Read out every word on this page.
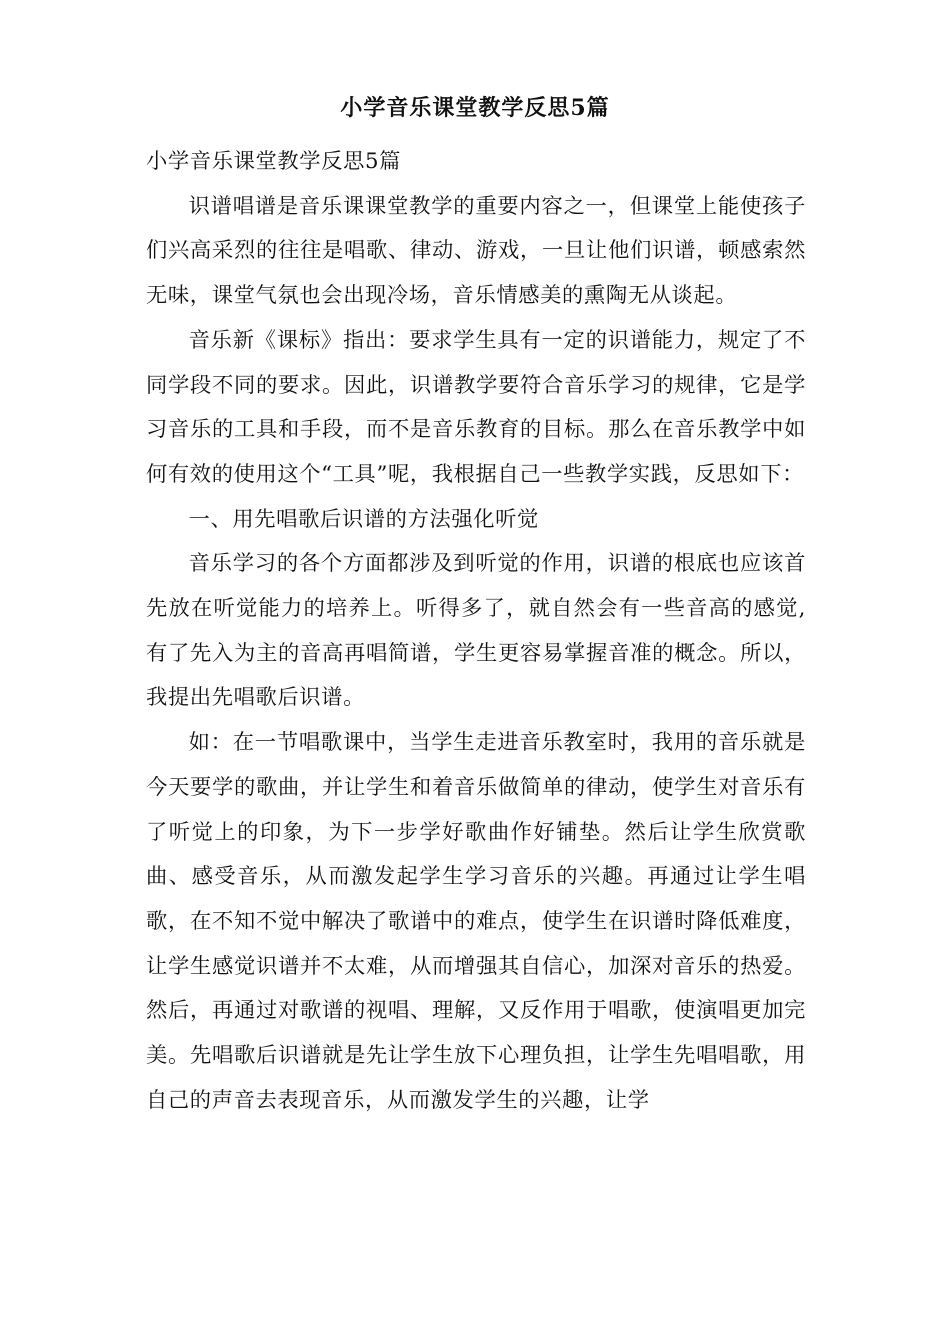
小学音乐课堂教学反思5篇

小学音乐课堂教学反思5篇

识谱唱谱是音乐课课堂教学的重要内容之一，但课堂上能使孩子们兴高采烈的往往是唱歌、律动、游戏，一旦让他们识谱，顿感索然无味，课堂气氛也会出现冷场，音乐情感美的熏陶无从谈起。

音乐新《课标》指出：要求学生具有一定的识谱能力，规定了不同学段不同的要求。因此，识谱教学要符合音乐学习的规律，它是学习音乐的工具和手段，而不是音乐教育的目标。那么在音乐教学中如何有效的使用这个“工具”呢，我根据自己一些教学实践，反思如下：

一、用先唱歌后识谱的方法强化听觉

音乐学习的各个方面都涉及到听觉的作用，识谱的根底也应该首先放在听觉能力的培养上。听得多了，就自然会有一些音高的感觉,有了先入为主的音高再唱简谱，学生更容易掌握音准的概念。所以，我提出先唱歌后识谱。

如：在一节唱歌课中，当学生走进音乐教室时，我用的音乐就是今天要学的歌曲，并让学生和着音乐做简单的律动，使学生对音乐有了听觉上的印象，为下一步学好歌曲作好铺垫。然后让学生欣赏歌曲、感受音乐，从而激发起学生学习音乐的兴趣。再通过让学生唱歌，在不知不觉中解决了歌谱中的难点，使学生在识谱时降低难度，让学生感觉识谱并不太难，从而增强其自信心，加深对音乐的热爱。然后，再通过对歌谱的视唱、理解，又反作用于唱歌，使演唱更加完美。先唱歌后识谱就是先让学生放下心理负担，让学生先唱唱歌，用自己的声音去表现音乐，从而激发学生的兴趣，让学
